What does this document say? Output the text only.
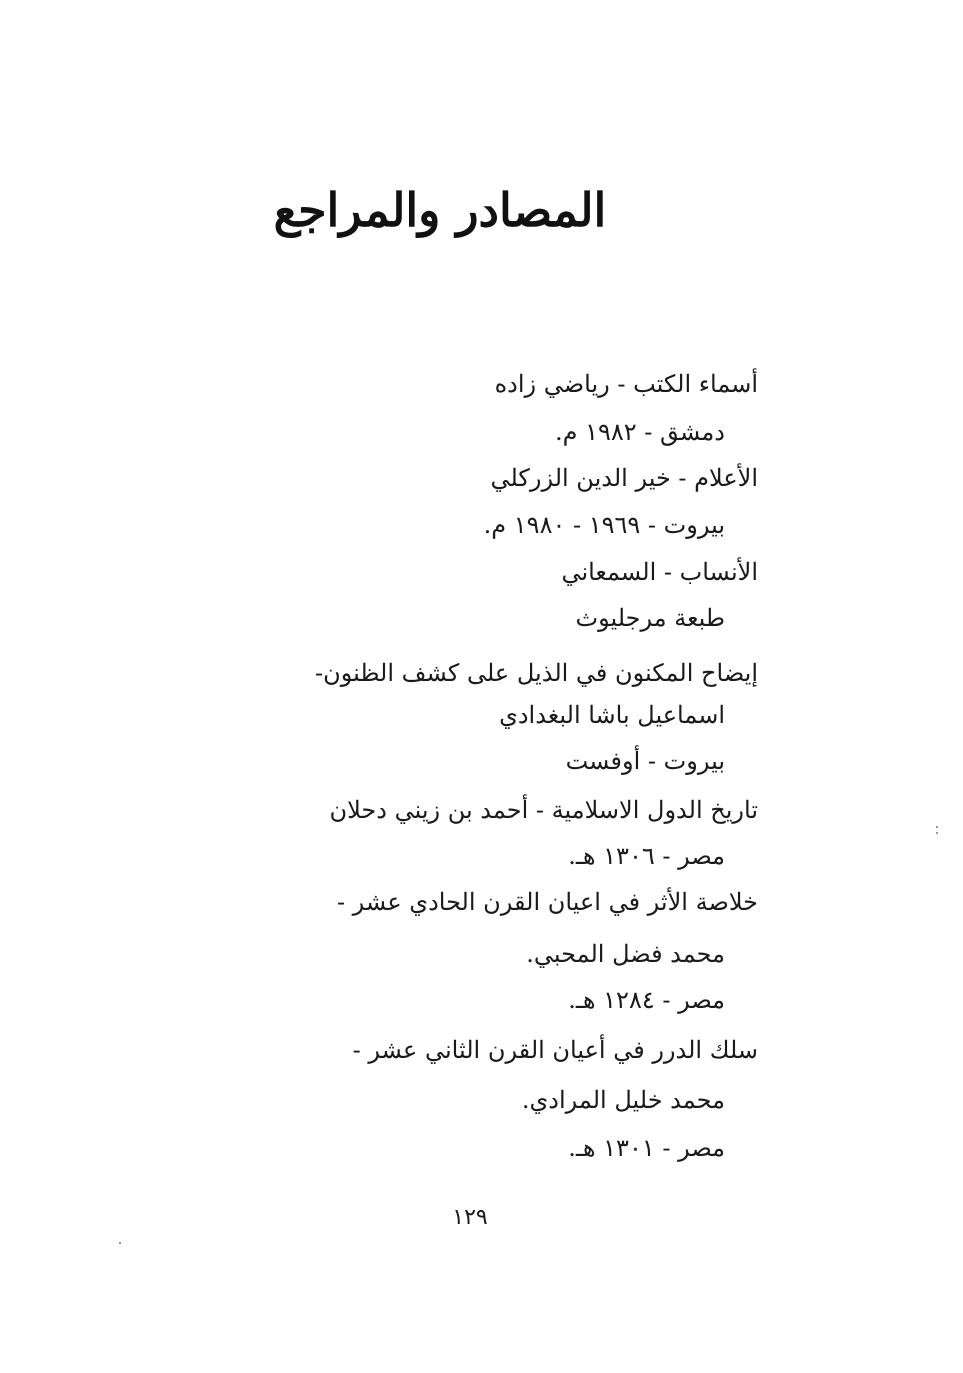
المصادر والمراجع
أسماء الكتب - رياضي زاده
دمشق - ١٩٨٢ م.
الأعلام - خير الدين الزركلي
بيروت - ١٩٦٩ - ١٩٨٠ م.
الأنساب - السمعاني
طبعة مرجليوث
إيضاح المكنون في الذيل على كشف الظنون-
اسماعيل باشا البغدادي
بيروت - أوفست
تاريخ الدول الاسلامية - أحمد بن زيني دحلان
مصر - ١٣٠٦ هـ.
خلاصة الأثر في اعيان القرن الحادي عشر -
محمد فضل المحبي.
مصر - ١٢٨٤ هـ.
سلك الدرر في أعيان القرن الثاني عشر -
محمد خليل المرادي.
مصر - ١٣٠١ هـ.
١٢٩
